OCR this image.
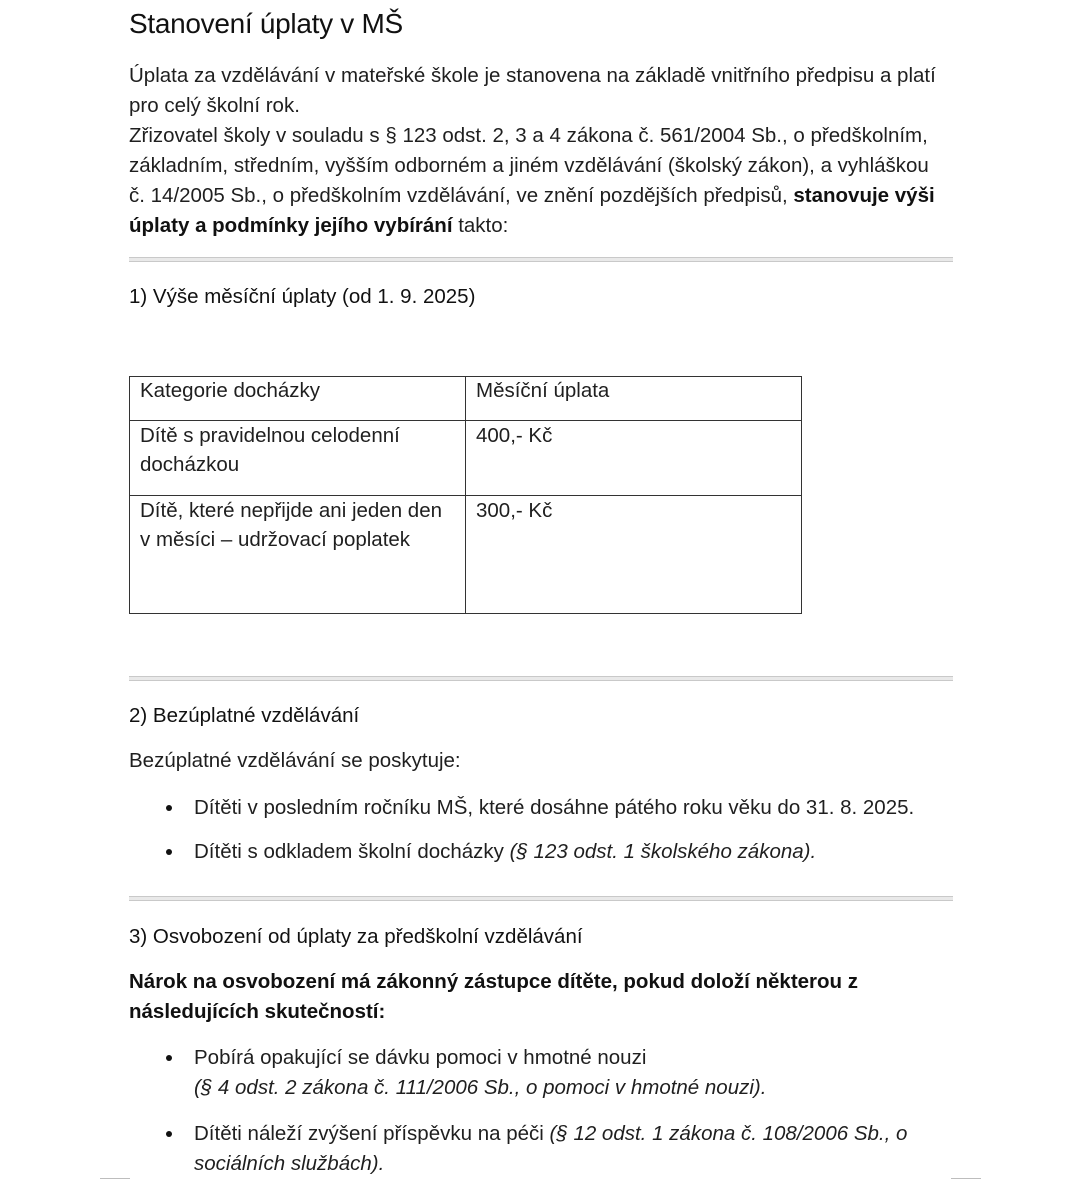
Stanovení úplaty v MŠ

Úplata za vzdělávání v mateřské škole je stanovena na základě vnitřního předpisu a platí pro celý školní rok.

Zřizovatel školy v souladu s § 123 odst. 2, 3 a 4 zákona č. 561/2004 Sb., o předškolním, základním, středním, vyšším odborném a jiném vzdělávání (školský zákon), a vyhláškou č. 14/2005 Sb., o předškolním vzdělávání, ve znění pozdějších předpisů, stanovuje výši úplaty a podmínky jejího vybírání takto:

1) Výše měsíční úplaty (od 1. 9. 2025)
Kategorie docházky	Měsíční úplata
Dítě s pravidelnou celodenní docházkou	400,- Kč
Dítě, které nepřijde ani jeden den v měsíci – udržovací poplatek	300,- Kč
2) Bezúplatné vzdělávání

Bezúplatné vzdělávání se poskytuje:

Dítěti v posledním ročníku MŠ, které dosáhne pátého roku věku do 31. 8. 2025.
Dítěti s odkladem školní docházky (§ 123 odst. 1 školského zákona).
3) Osvobození od úplaty za předškolní vzdělávání

Nárok na osvobození má zákonný zástupce dítěte, pokud doloží některou z následujících skutečností:

Pobírá opakující se dávku pomoci v hmotné nouzi
(§ 4 odst. 2 zákona č. 111/2006 Sb., o pomoci v hmotné nouzi).
Dítěti náleží zvýšení příspěvku na péči (§ 12 odst. 1 zákona č. 108/2006 Sb., o sociálních službách).
